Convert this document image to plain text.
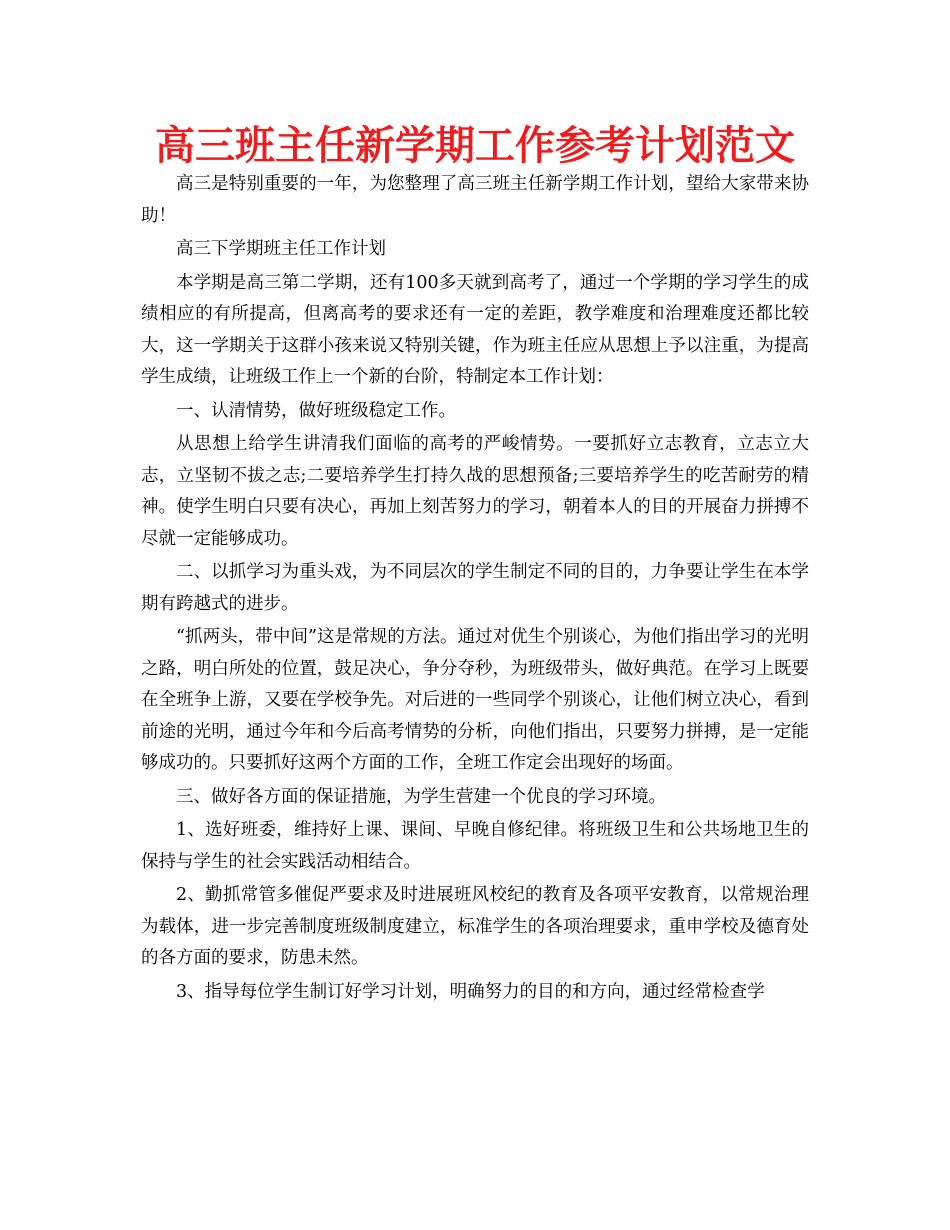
高三班主任新学期工作参考计划范文

高三是特别重要的一年，为您整理了高三班主任新学期工作计划，望给大家带来协助！

高三下学期班主任工作计划

本学期是高三第二学期，还有100多天就到高考了，通过一个学期的学习学生的成绩相应的有所提高，但离高考的要求还有一定的差距，教学难度和治理难度还都比较大，这一学期关于这群小孩来说又特别关键，作为班主任应从思想上予以注重，为提高学生成绩，让班级工作上一个新的台阶，特制定本工作计划：

一、认清情势，做好班级稳定工作。

从思想上给学生讲清我们面临的高考的严峻情势。一要抓好立志教育，立志立大志，立坚韧不拔之志;二要培养学生打持久战的思想预备;三要培养学生的吃苦耐劳的精神。使学生明白只要有决心，再加上刻苦努力的学习，朝着本人的目的开展奋力拼搏不尽就一定能够成功。

二、以抓学习为重头戏，为不同层次的学生制定不同的目的，力争要让学生在本学期有跨越式的进步。

“抓两头，带中间”这是常规的方法。通过对优生个别谈心，为他们指出学习的光明之路，明白所处的位置，鼓足决心，争分夺秒，为班级带头，做好典范。在学习上既要在全班争上游，又要在学校争先。对后进的一些同学个别谈心，让他们树立决心，看到前途的光明，通过今年和今后高考情势的分析，向他们指出，只要努力拼搏，是一定能够成功的。只要抓好这两个方面的工作，全班工作定会出现好的场面。

三、做好各方面的保证措施，为学生营建一个优良的学习环境。

1、选好班委，维持好上课、课间、早晚自修纪律。将班级卫生和公共场地卫生的保持与学生的社会实践活动相结合。

2、勤抓常管多催促严要求及时进展班风校纪的教育及各项平安教育，以常规治理为载体，进一步完善制度班级制度建立，标准学生的各项治理要求，重申学校及德育处的各方面的要求，防患未然。

3、指导每位学生制订好学习计划，明确努力的目的和方向，通过经常检查学
